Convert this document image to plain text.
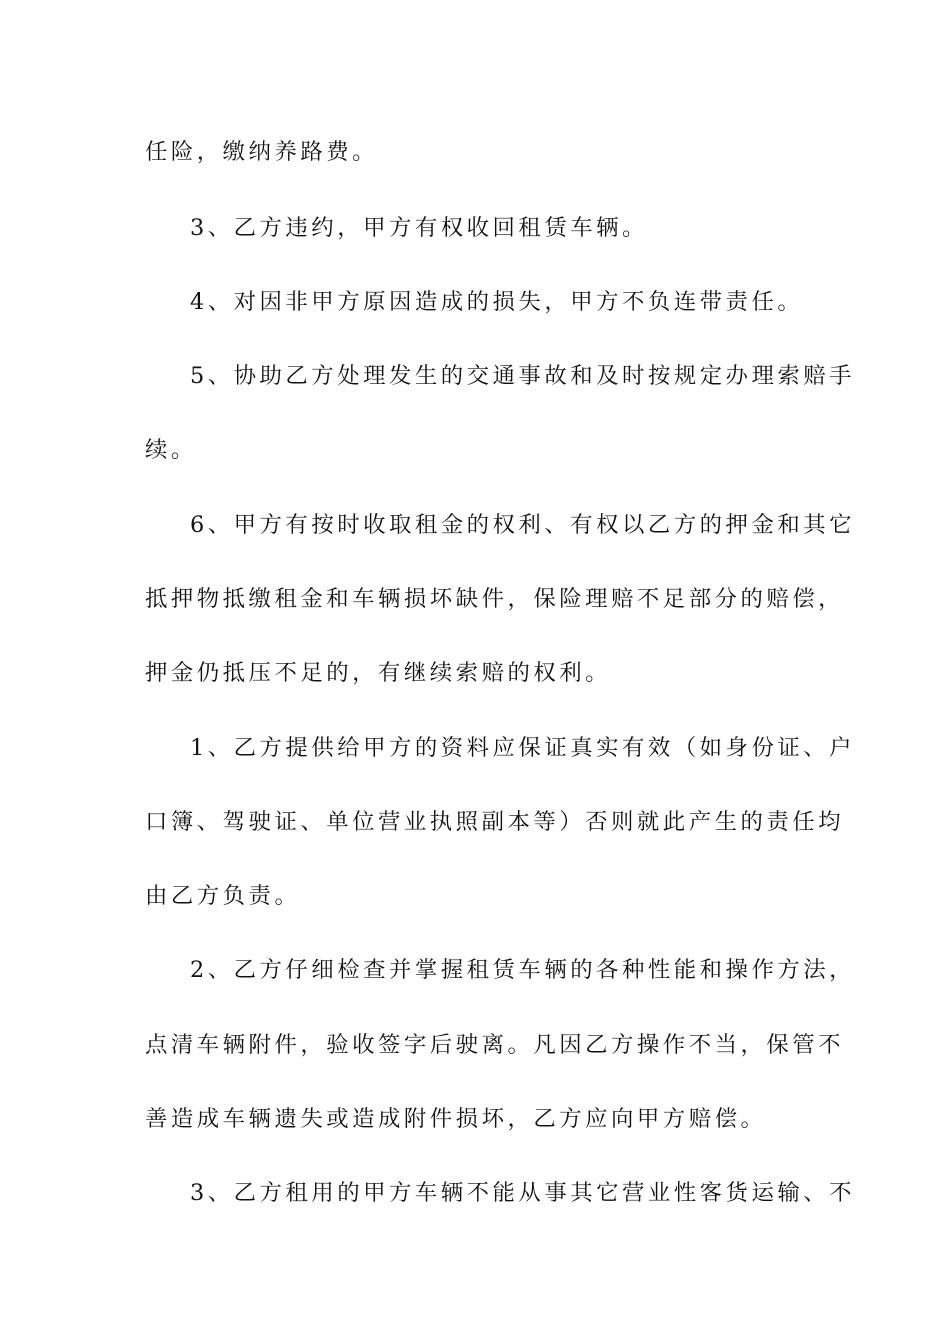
任险，缴纳养路费。

3、乙方违约，甲方有权收回租赁车辆。

4、对因非甲方原因造成的损失，甲方不负连带责任。

5、协助乙方处理发生的交通事故和及时按规定办理索赔手

续。

6、甲方有按时收取租金的权利、有权以乙方的押金和其它

抵押物抵缴租金和车辆损坏缺件，保险理赔不足部分的赔偿，

押金仍抵压不足的，有继续索赔的权利。

1、乙方提供给甲方的资料应保证真实有效（如身份证、户

口簿、驾驶证、单位营业执照副本等）否则就此产生的责任均

由乙方负责。

2、乙方仔细检查并掌握租赁车辆的各种性能和操作方法，

点清车辆附件，验收签字后驶离。凡因乙方操作不当，保管不

善造成车辆遗失或造成附件损坏，乙方应向甲方赔偿。

3、乙方租用的甲方车辆不能从事其它营业性客货运输、不
